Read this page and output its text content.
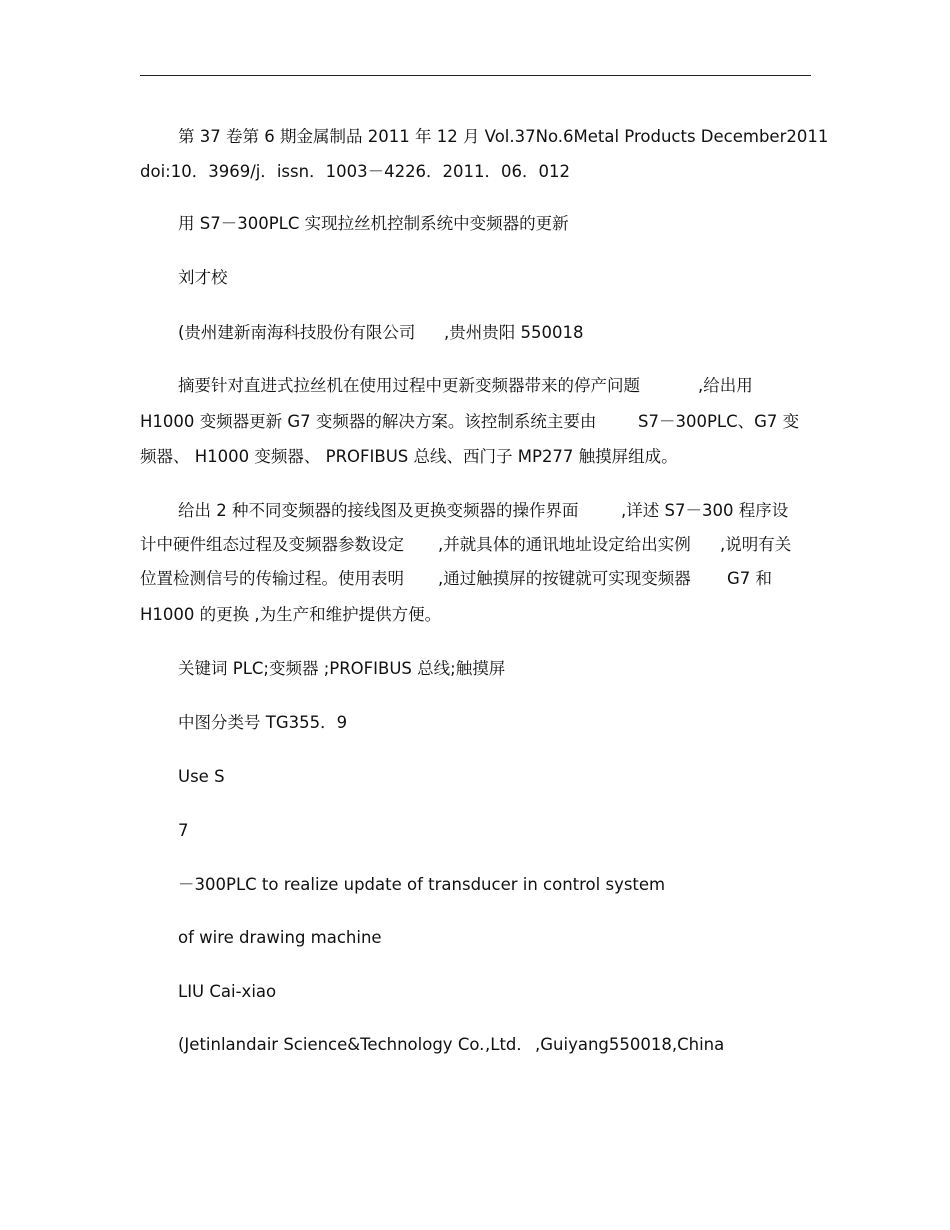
第 37 卷第 6 期金属制品 2011 年 12 月 Vol.37No.6Metal Products December2011
doi:10．3969/j．issn．1003－4226．2011．06．012
用 S7－300PLC 实现拉丝机控制系统中变频器的更新
刘才校
(贵州建新南海科技股份有限公司 ,贵州贵阳 550018
摘要针对直进式拉丝机在使用过程中更新变频器带来的停产问题	,给出用
H1000 变频器更新 G7 变频器的解决方案。该控制系统主要由	S7－300PLC、G7 变
频器、 H1000 变频器、 PROFIBUS 总线、西门子 MP277 触摸屏组成。
给出 2 种不同变频器的接线图及更换变频器的操作界面	,详述 S7－300 程序设
计中硬件组态过程及变频器参数设定 ,并就具体的通讯地址设定给出实例 ,说明有关
位置检测信号的传输过程。使用表明 ,通过触摸屏的按键就可实现变频器 G7 和
H1000 的更换 ,为生产和维护提供方便。
关键词 PLC;变频器 ;PROFIBUS 总线;触摸屏
中图分类号 TG355．9
Use S
7
－300PLC to realize update of transducer in control system
of wire drawing machine
LIU Cai-xiao
(Jetinlandair Science&Technology Co. ,Ltd． ,Guiyang550018,China
